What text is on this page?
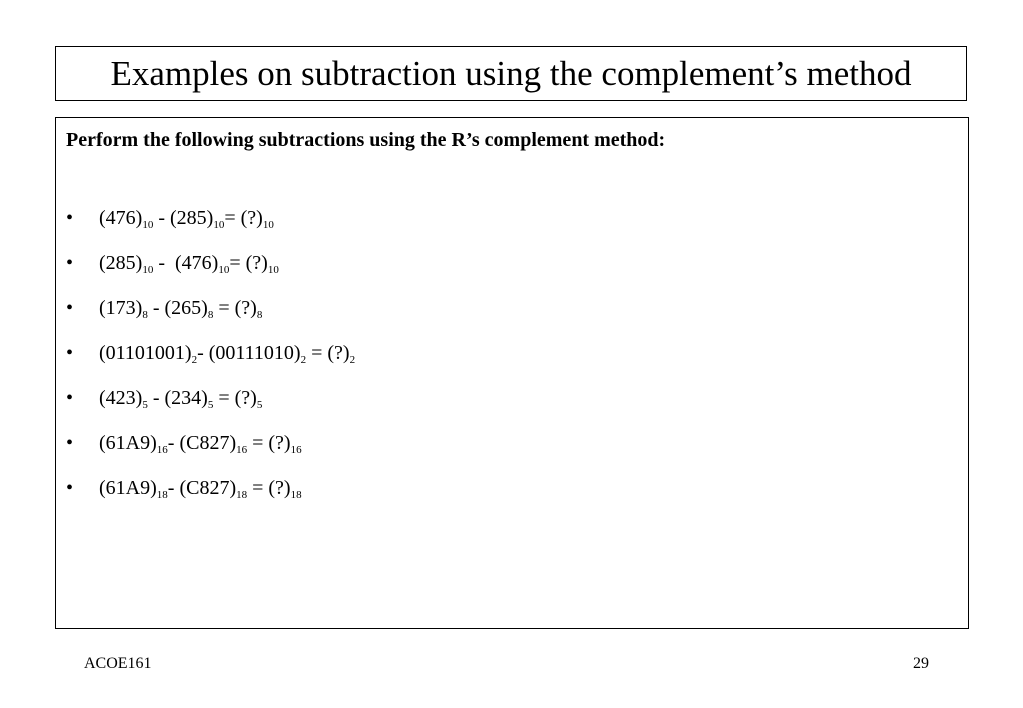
Examples on subtraction using the complement’s method
Perform the following subtractions using the R’s complement method:
• $(476)_{10} - (285)_{10}=$ $(?)_{10}$
• $(285)_{10} - (476)_{10}=$ $(?)_{10}$
• $(173)_8 - (265)_8$ = $(?)_8$
• $(01101001)_2-$ $(00111010)_2$ = $(?)_2$
• $(423)_5 - (234)_5$ = $(?)_5$
• $(61A9)_{16}-$ $(C827)_{16}$ = $(?)_{16}$
• $(61A9)_{18}-$ $(C827)_{18}$ = $(?)_{18}$
ACOE161	29
